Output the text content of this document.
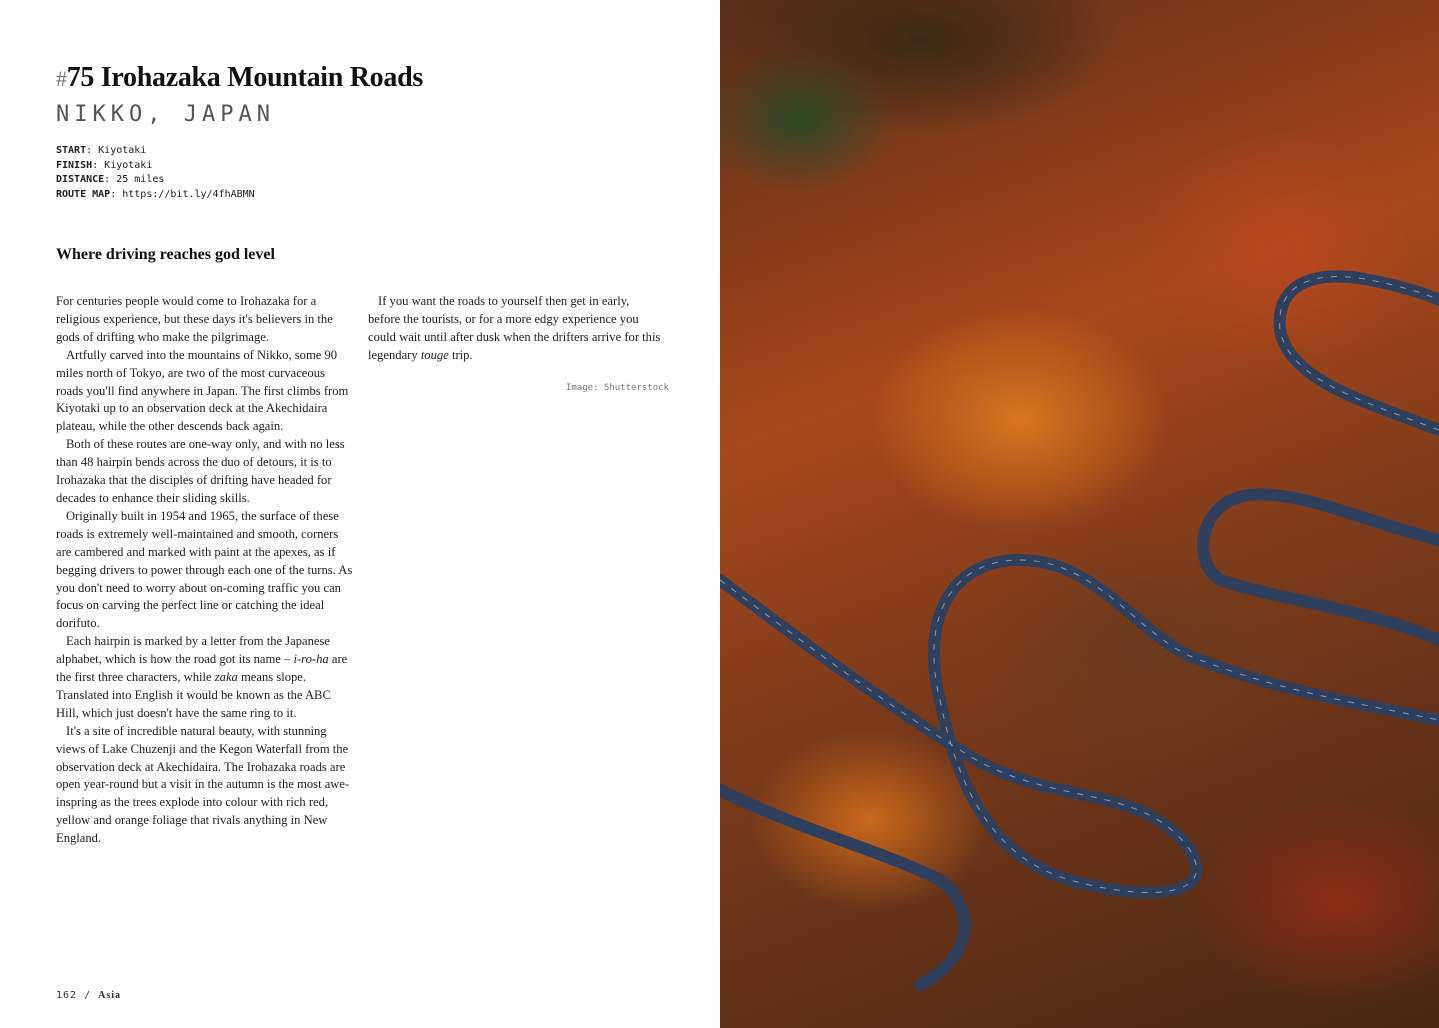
#75 Irohazaka Mountain Roads
NIKKO, JAPAN
START: Kiyotaki
FINISH: Kiyotaki
DISTANCE: 25 miles
ROUTE MAP: https://bit.ly/4fhABMN
Where driving reaches god level

For centuries people would come to Irohazaka for a religious experience, but these days it's believers in the gods of drifting who make the pilgrimage.

Artfully carved into the mountains of Nikko, some 90 miles north of Tokyo, are two of the most curvaceous roads you'll find anywhere in Japan. The first climbs from Kiyotaki up to an observation deck at the Akechidaira plateau, while the other descends back again.

Both of these routes are one-way only, and with no less than 48 hairpin bends across the duo of detours, it is to Irohazaka that the disciples of drifting have headed for decades to enhance their sliding skills.

Originally built in 1954 and 1965, the surface of these roads is extremely well-maintained and smooth, corners are cambered and marked with paint at the apexes, as if begging drivers to power through each one of the turns. As you don't need to worry about on-coming traffic you can focus on carving the perfect line or catching the ideal dorifuto.

Each hairpin is marked by a letter from the Japanese alphabet, which is how the road got its name – i-ro-ha are the first three characters, while zaka means slope. Translated into English it would be known as the ABC Hill, which just doesn't have the same ring to it.

It's a site of incredible natural beauty, with stunning views of Lake Chuzenji and the Kegon Waterfall from the observation deck at Akechidaira. The Irohazaka roads are open year-round but a visit in the autumn is the most awe-inspring as the trees explode into colour with rich red, yellow and orange foliage that rivals anything in New England.

If you want the roads to yourself then get in early, before the tourists, or for a more edgy experience you could wait until after dusk when the drifters arrive for this legendary touge trip.

Image: Shutterstock
162 / Asia
